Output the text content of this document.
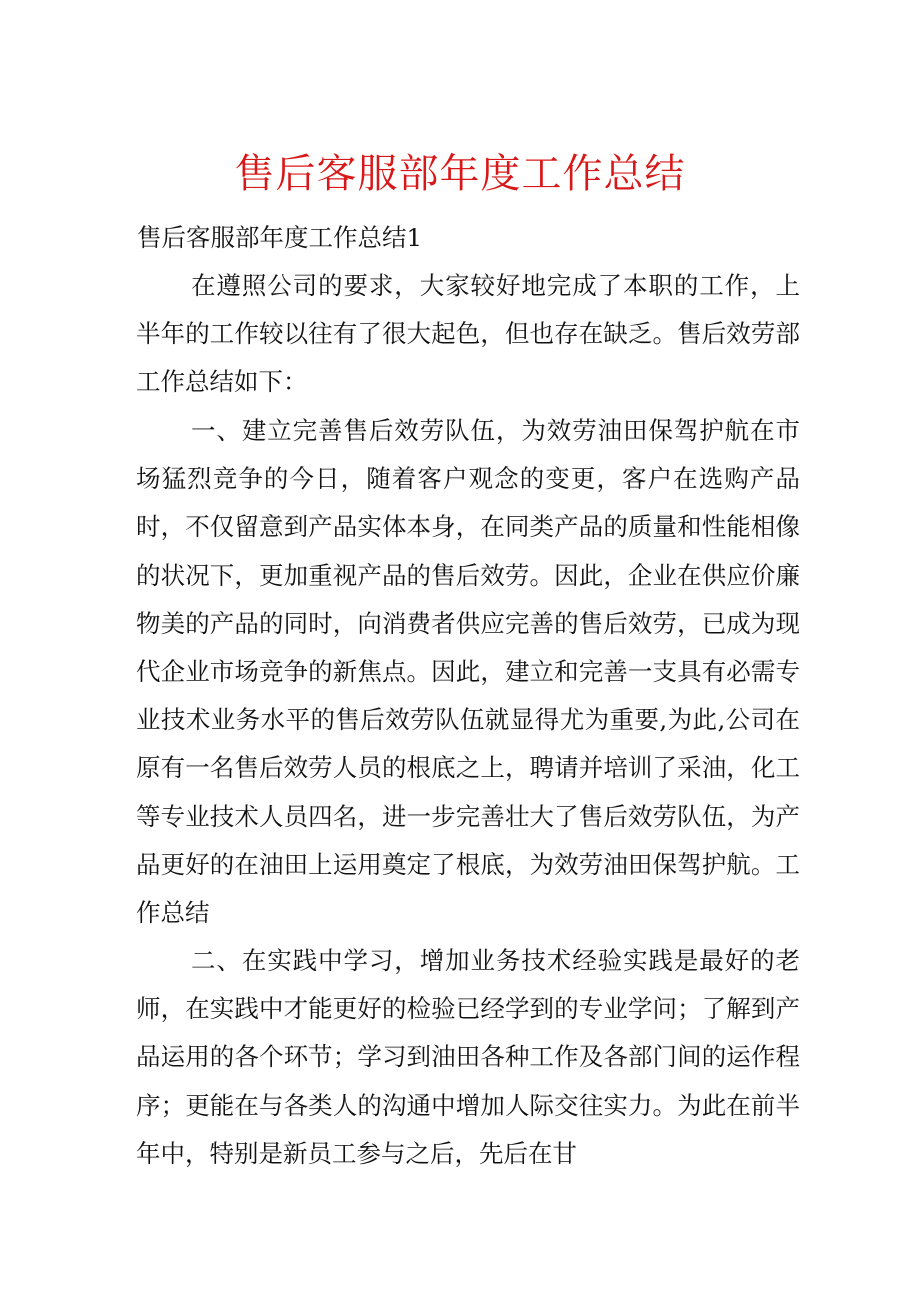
售后客服部年度工作总结
售后客服部年度工作总结1

在遵照公司的要求，大家较好地完成了本职的工作，上半年的工作较以往有了很大起色，但也存在缺乏。售后效劳部工作总结如下：

一、建立完善售后效劳队伍，为效劳油田保驾护航在市场猛烈竞争的今日，随着客户观念的变更，客户在选购产品时，不仅留意到产品实体本身，在同类产品的质量和性能相像的状况下，更加重视产品的售后效劳。因此，企业在供应价廉物美的产品的同时，向消费者供应完善的售后效劳，已成为现代企业市场竞争的新焦点。因此，建立和完善一支具有必需专业技术业务水平的售后效劳队伍就显得尤为重要,为此,公司在原有一名售后效劳人员的根底之上，聘请并培训了采油，化工等专业技术人员四名，进一步完善壮大了售后效劳队伍，为产品更好的在油田上运用奠定了根底，为效劳油田保驾护航。工作总结

二、在实践中学习，增加业务技术经验实践是最好的老师，在实践中才能更好的检验已经学到的专业学问；了解到产品运用的各个环节；学习到油田各种工作及各部门间的运作程序；更能在与各类人的沟通中增加人际交往实力。为此在前半年中，特别是新员工参与之后，先后在甘
